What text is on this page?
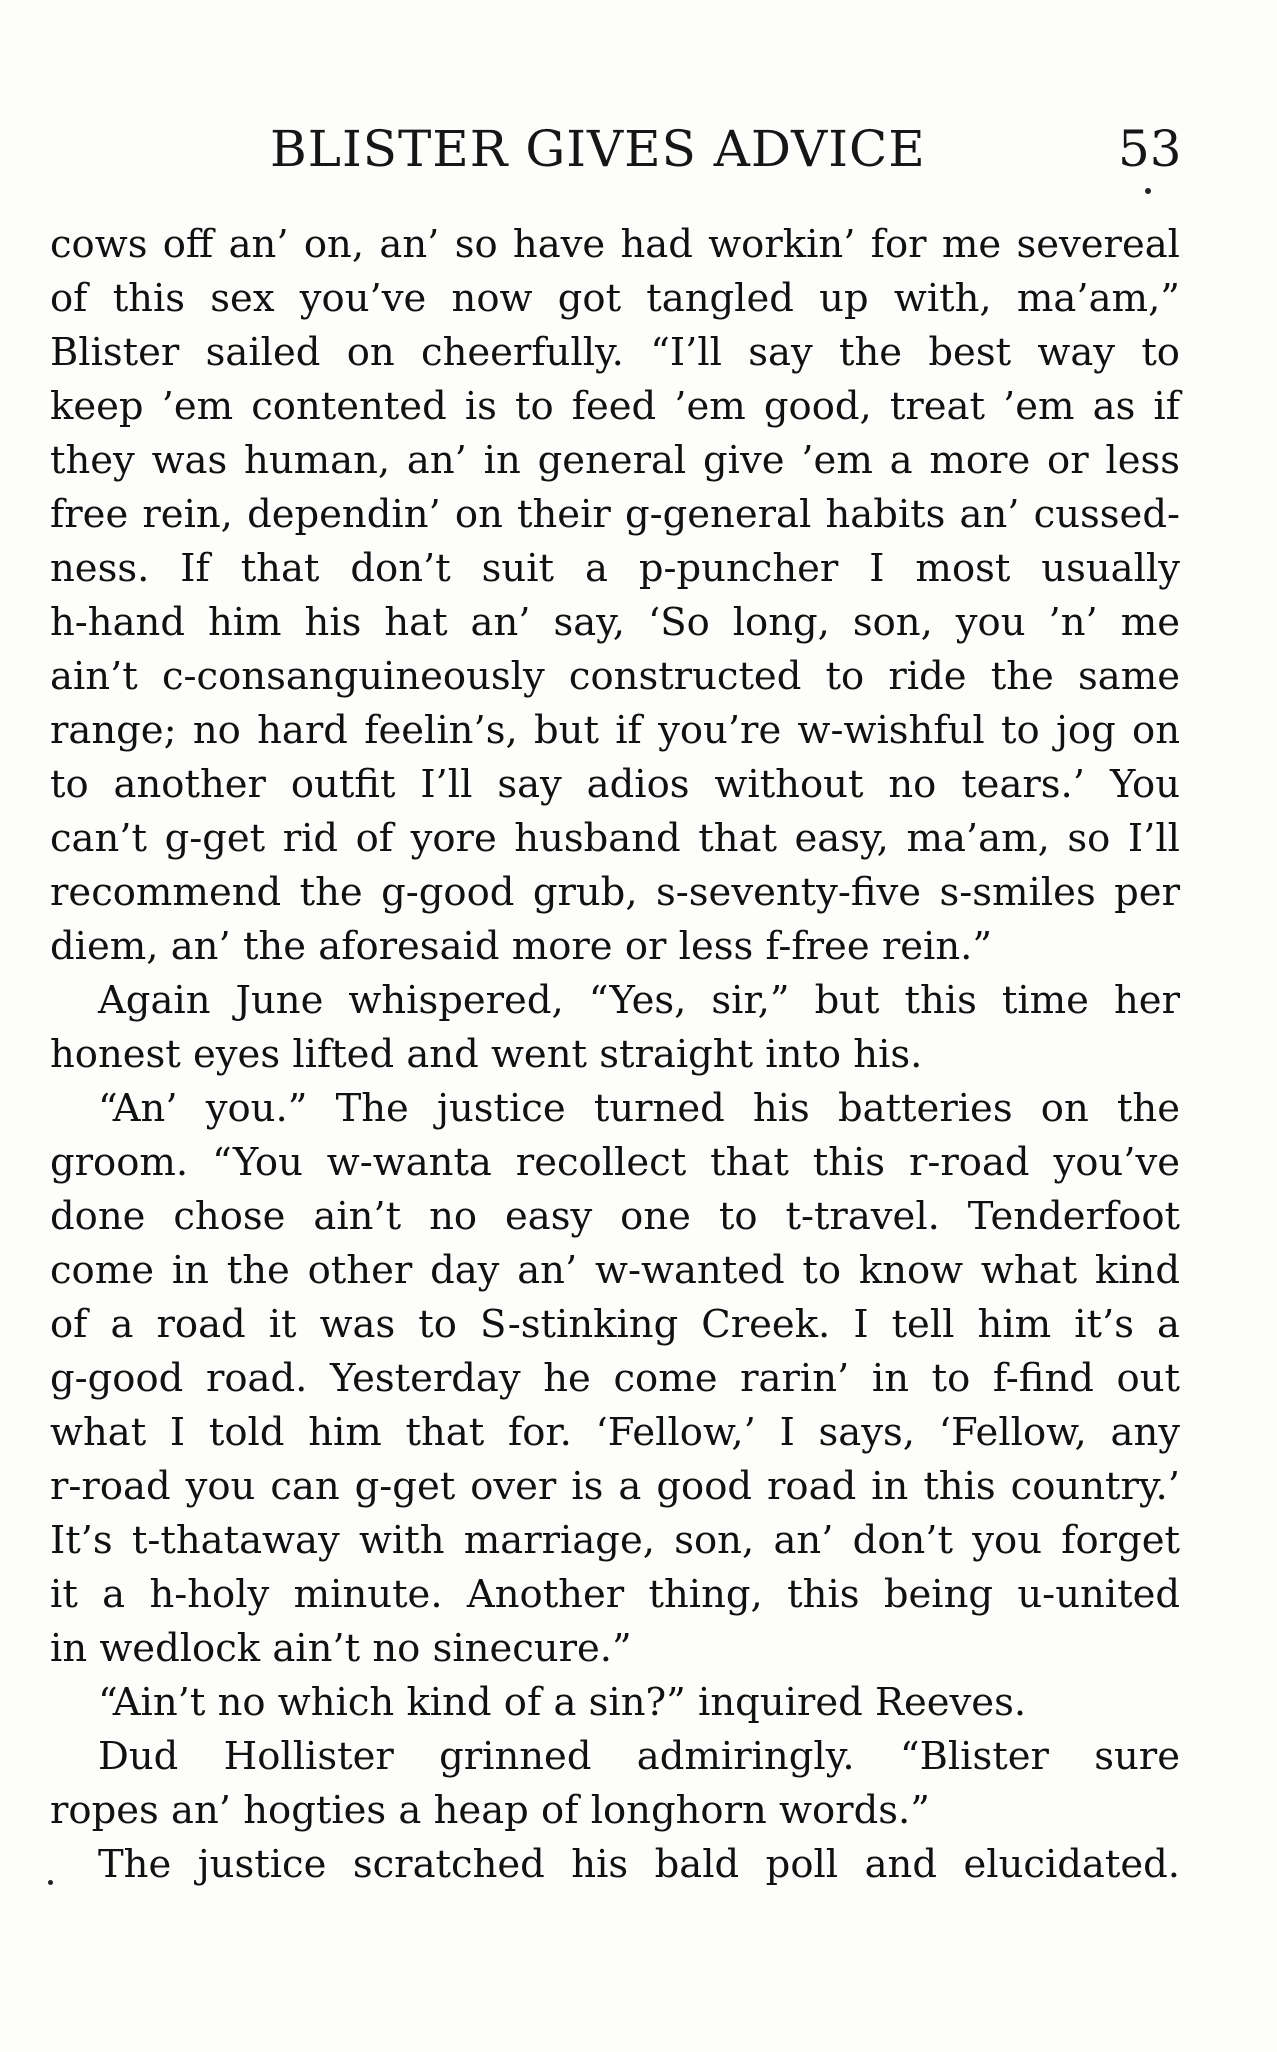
BLISTER GIVES ADVICE	53
cows off an’ on, an’ so have had workin’ for me severeal
of this sex you’ve now got tangled up with, ma’am,”
Blister sailed on cheerfully. “I’ll say the best way to
keep ’em contented is to feed ’em good, treat ’em as if
they was human, an’ in general give ’em a more or less
free rein, dependin’ on their g-general habits an’ cussed-
ness. If that don’t suit a p-puncher I most usually
h-hand him his hat an’ say, ‘So long, son, you ’n’ me
ain’t c-consanguineously constructed to ride the same
range; no hard feelin’s, but if you’re w-wishful to jog on
to another outfit I’ll say adios without no tears.’ You
can’t g-get rid of yore husband that easy, ma’am, so I’ll
recommend the g-good grub, s-seventy-five s-smiles per
diem, an’ the aforesaid more or less f-free rein.”
Again June whispered, “Yes, sir,” but this time her
honest eyes lifted and went straight into his.
“An’ you.” The justice turned his batteries on the
groom. “You w-wanta recollect that this r-road you’ve
done chose ain’t no easy one to t-travel. Tenderfoot
come in the other day an’ w-wanted to know what kind
of a road it was to S-stinking Creek. I tell him it’s a
g-good road. Yesterday he come rarin’ in to f-find out
what I told him that for. ‘Fellow,’ I says, ‘Fellow, any
r-road you can g-get over is a good road in this country.’
It’s t-thataway with marriage, son, an’ don’t you forget
it a h-holy minute. Another thing, this being u-united
in wedlock ain’t no sinecure.”
“Ain’t no which kind of a sin?” inquired Reeves.
Dud Hollister grinned admiringly. “Blister sure
ropes an’ hogties a heap of longhorn words.”
The justice scratched his bald poll and elucidated.
